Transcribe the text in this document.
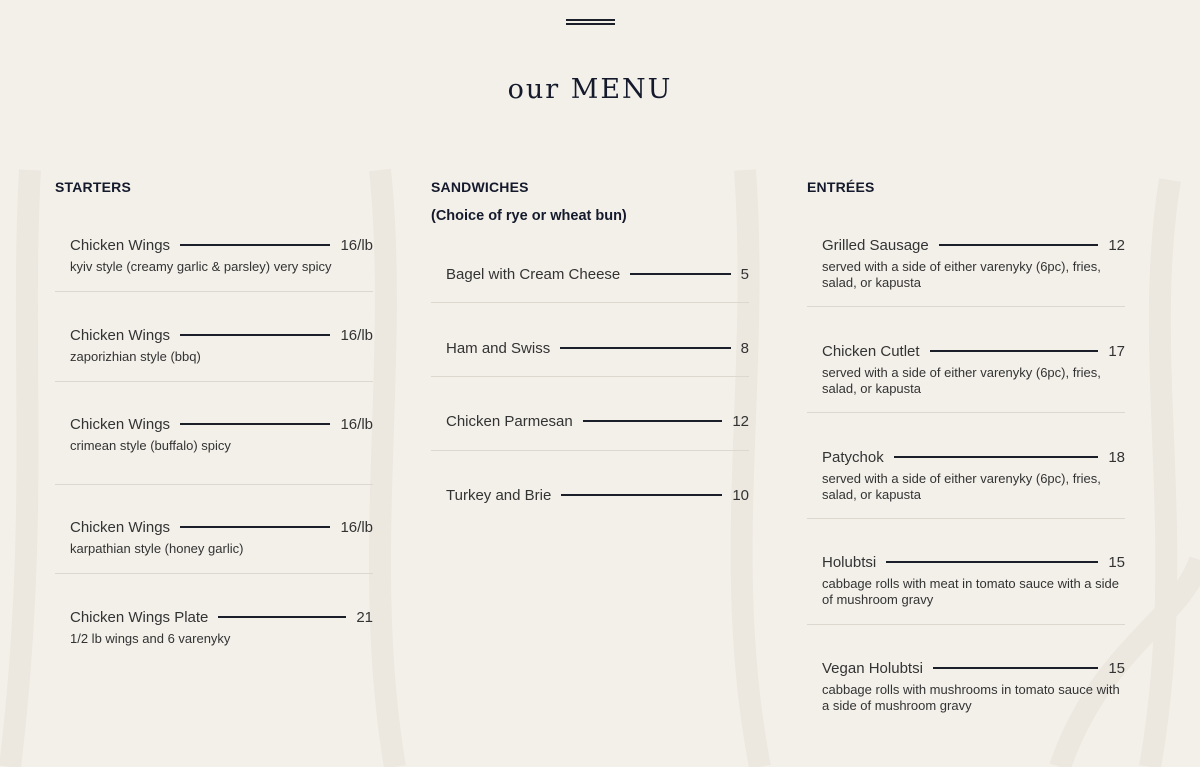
our MENU
STARTERS
Chicken Wings	16/lb
kyiv style (creamy garlic & parsley) very spicy
Chicken Wings	16/lb
zaporizhian style (bbq)
Chicken Wings	16/lb
crimean style (buffalo) spicy
Chicken Wings	16/lb
karpathian style (honey garlic)
Chicken Wings Plate	21
1/2 lb wings and 6 varenyky
SANDWICHES

(Choice of rye or wheat bun)

Bagel with Cream Cheese	5
Ham and Swiss	8
Chicken Parmesan	12
Turkey and Brie	10
ENTRÉES
Grilled Sausage	12
served with a side of either varenyky (6pc), fries, salad, or kapusta
Chicken Cutlet	17
served with a side of either varenyky (6pc), fries, salad, or kapusta
Patychok	18
served with a side of either varenyky (6pc), fries, salad, or kapusta
Holubtsi	15
cabbage rolls with meat in tomato sauce with a side of mushroom gravy
Vegan Holubtsi	15
cabbage rolls with mushrooms in tomato sauce with a side of mushroom gravy
